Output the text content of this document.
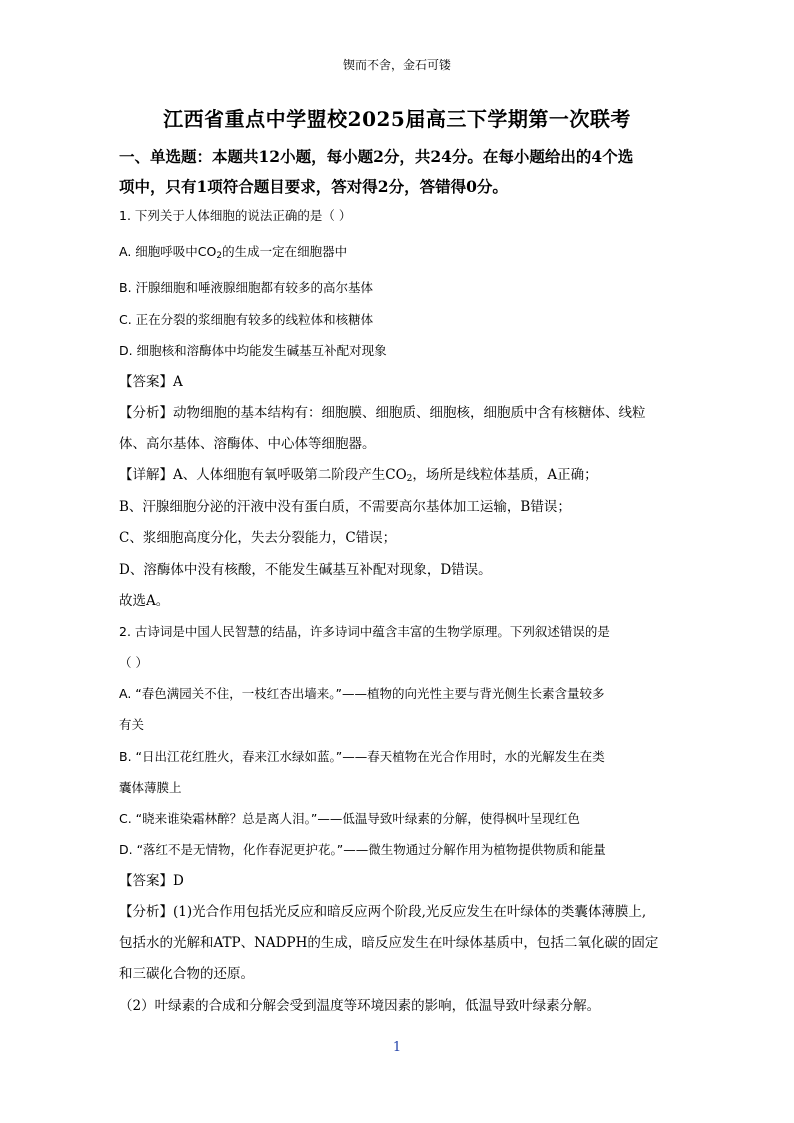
锲而不舍，金石可镂
江西省重点中学盟校2025届高三下学期第一次联考
一、单选题：本题共12小题，每小题2分，共24分。在每小题给出的4个选
项中，只有1项符合题目要求，答对得2分，答错得0分。
1. 下列关于人体细胞的说法正确的是（ ）
A. 细胞呼吸中$CO_2$的生成一定在细胞器中
B. 汗腺细胞和唾液腺细胞都有较多的高尔基体
C. 正在分裂的浆细胞有较多的线粒体和核糖体
D. 细胞核和溶酶体中均能发生碱基互补配对现象
【答案】A
【分析】动物细胞的基本结构有：细胞膜、细胞质、细胞核，细胞质中含有核糖体、线粒
体、高尔基体、溶酶体、中心体等细胞器。
【详解】A、人体细胞有氧呼吸第二阶段产生$CO_2$，场所是线粒体基质，A正确；
B、汗腺细胞分泌的汗液中没有蛋白质，不需要高尔基体加工运输，B错误；
C、浆细胞高度分化，失去分裂能力，C错误；
D、溶酶体中没有核酸，不能发生碱基互补配对现象，D错误。
故选A。
2. 古诗词是中国人民智慧的结晶，许多诗词中蕴含丰富的生物学原理。下列叙述错误的是
（ ）
A. “春色满园关不住，一枝红杏出墙来。”——植物的向光性主要与背光侧生长素含量较多
有关
B. “日出江花红胜火，春来江水绿如蓝。”——春天植物在光合作用时，水的光解发生在类
囊体薄膜上
C. “晓来谁染霜林醉？总是离人泪。”——低温导致叶绿素的分解，使得枫叶呈现红色
D. “落红不是无情物，化作春泥更护花。”——微生物通过分解作用为植物提供物质和能量
【答案】D
【分析】(1)光合作用包括光反应和暗反应两个阶段,光反应发生在叶绿体的类囊体薄膜上,
包括水的光解和ATP、NADPH的生成，暗反应发生在叶绿体基质中，包括二氧化碳的固定
和三碳化合物的还原。
（2）叶绿素的合成和分解会受到温度等环境因素的影响，低温导致叶绿素分解。
1
